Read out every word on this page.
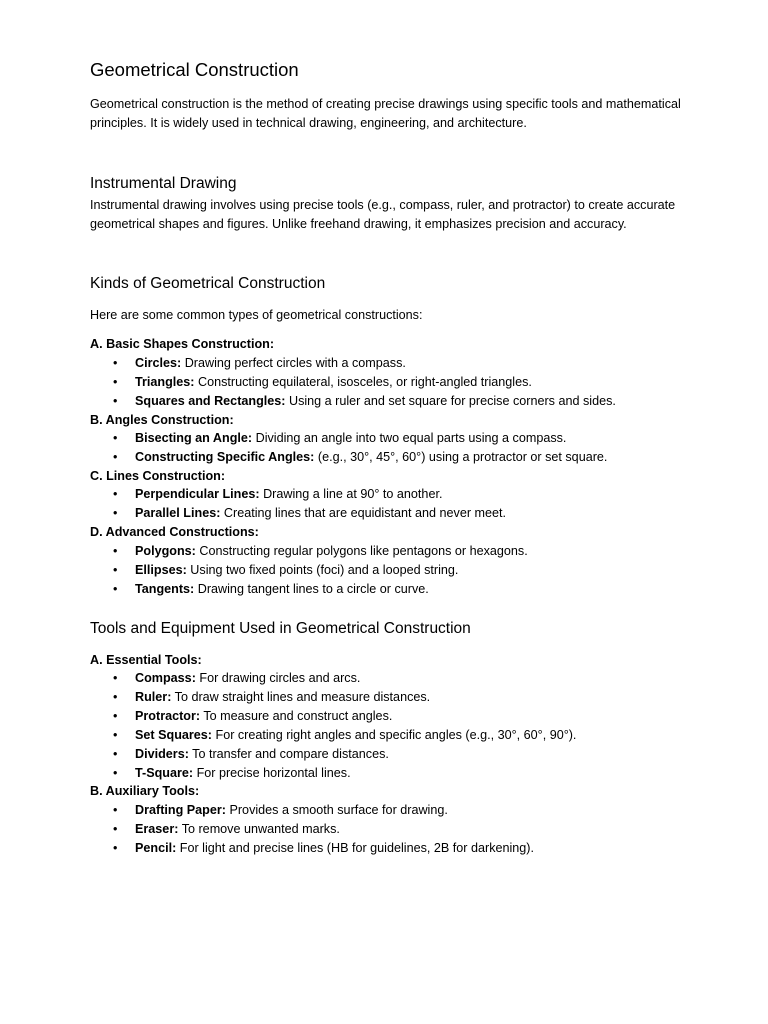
Geometrical Construction

Geometrical construction is the method of creating precise drawings using specific tools and mathematical principles. It is widely used in technical drawing, engineering, and architecture.

Instrumental Drawing

Instrumental drawing involves using precise tools (e.g., compass, ruler, and protractor) to create accurate geometrical shapes and figures. Unlike freehand drawing, it emphasizes precision and accuracy.

Kinds of Geometrical Construction

Here are some common types of geometrical constructions:

A. Basic Shapes Construction:

• Circles: Drawing perfect circles with a compass.
• Triangles: Constructing equilateral, isosceles, or right-angled triangles.
• Squares and Rectangles: Using a ruler and set square for precise corners and sides.

B. Angles Construction:

• Bisecting an Angle: Dividing an angle into two equal parts using a compass.
• Constructing Specific Angles: (e.g., 30°, 45°, 60°) using a protractor or set square.

C. Lines Construction:

• Perpendicular Lines: Drawing a line at 90° to another.
• Parallel Lines: Creating lines that are equidistant and never meet.

D. Advanced Constructions:

• Polygons: Constructing regular polygons like pentagons or hexagons.
• Ellipses: Using two fixed points (foci) and a looped string.
• Tangents: Drawing tangent lines to a circle or curve.
Tools and Equipment Used in Geometrical Construction

A. Essential Tools:

• Compass: For drawing circles and arcs.
• Ruler: To draw straight lines and measure distances.
• Protractor: To measure and construct angles.
• Set Squares: For creating right angles and specific angles (e.g., 30°, 60°, 90°).
• Dividers: To transfer and compare distances.
• T-Square: For precise horizontal lines.

B. Auxiliary Tools:

• Drafting Paper: Provides a smooth surface for drawing.
• Eraser: To remove unwanted marks.
• Pencil: For light and precise lines (HB for guidelines, 2B for darkening).
